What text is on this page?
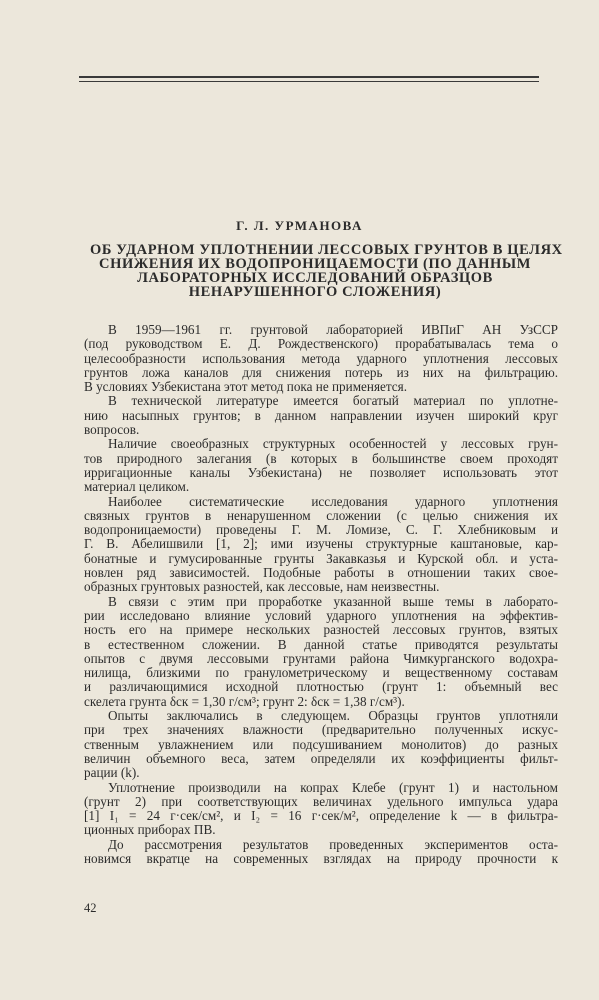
Г. Л. УРМАНОВА
ОБ УДАРНОМ УПЛОТНЕНИИ ЛЕССОВЫХ ГРУНТОВ В ЦЕЛЯХ
СНИЖЕНИЯ ИХ ВОДОПРОНИЦАЕМОСТИ (ПО ДАННЫМ
ЛАБОРАТОРНЫХ ИССЛЕДОВАНИЙ ОБРАЗЦОВ
НЕНАРУШЕННОГО СЛОЖЕНИЯ)
В 1959—1961 гг. грунтовой лабораторией ИВПиГ АН УзССР
(под руководством Е. Д. Рождественского) прорабатывалась тема о
целесообразности использования метода ударного уплотнения лессовых
грунтов ложа каналов для снижения потерь из них на фильтрацию.
В условиях Узбекистана этот метод пока не применяется.
В технической литературе имеется богатый материал по уплотне-
нию насыпных грунтов; в данном направлении изучен широкий круг
вопросов.
Наличие своеобразных структурных особенностей у лессовых грун-
тов природного залегания (в которых в большинстве своем проходят
ирригационные каналы Узбекистана) не позволяет использовать этот
материал целиком.
Наиболее систематические исследования ударного уплотнения
связных грунтов в ненарушенном сложении (с целью снижения их
водопроницаемости) проведены Г. М. Ломизе, С. Г. Хлебниковым и
Г. В. Абелишвили [1, 2]; ими изучены структурные каштановые, кар-
бонатные и гумусированные грунты Закавказья и Курской обл. и уста-
новлен ряд зависимостей. Подобные работы в отношении таких свое-
образных грунтовых разностей, как лессовые, нам неизвестны.
В связи с этим при проработке указанной выше темы в лаборато-
рии исследовано влияние условий ударного уплотнения на эффектив-
ность его на примере нескольких разностей лессовых грунтов, взятых
в естественном сложении. В данной статье приводятся результаты
опытов с двумя лессовыми грунтами района Чимкурганского водохра-
нилища, близкими по гранулометрическому и вещественному составам
и различающимися исходной плотностью (грунт 1: объемный вес
скелета грунта δск = 1,30 г/см³; грунт 2: δск = 1,38 г/см³).
Опыты заключались в следующем. Образцы грунтов уплотняли
при трех значениях влажности (предварительно полученных искус-
ственным увлажнением или подсушиванием монолитов) до разных
величин объемного веса, затем определяли их коэффициенты фильт-
рации (k).
Уплотнение производили на копрах Клебе (грунт 1) и настольном
(грунт 2) при соответствующих величинах удельного импульса удара
[1] I₁ = 24 г·сек/см², и I₂ = 16 г·сек/м², определение k — в фильтра-
ционных приборах ПВ.
До рассмотрения результатов проведенных экспериментов оста-
новимся вкратце на современных взглядах на природу прочности к
42
